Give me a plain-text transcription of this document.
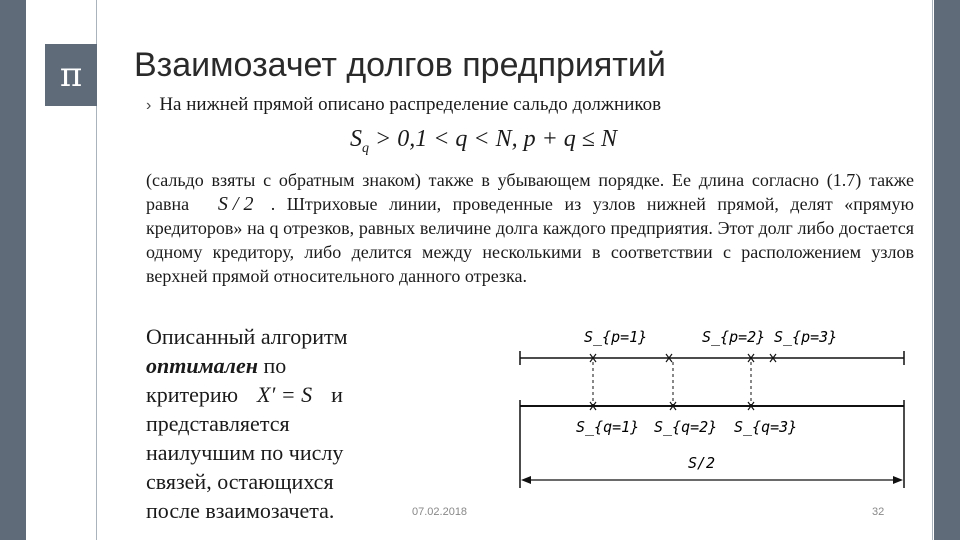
π	Взаимозачет долгов предприятий
› На нижней прямой описано распределение сальдо должников
$S_q > 0,1 < q < N$, p + q ≤ N
(сальдо взяты с обратным знаком) также в убывающем порядке. Ее длина согласно (1.7) также равна S / 2 . Штриховые линии, проведенные из узлов нижней прямой, делят «прямую кредиторов» на q отрезков, равных величине долга каждого предприятия. Этот долг либо достается одному кредитору, либо делится между несколькими в соответствии с расположением узлов верхней прямой относительного данного отрезка.
Описанный алгоритм
оптимален по
критерию X′ = S и
представляется наилучшим по числу связей, остающихся после взаимозачета.
S_{p=1}	S_{p=2} S_{p=3}
S_{q=1} S_{q=2} S_{q=3}
S/2
07.02.2018	32
